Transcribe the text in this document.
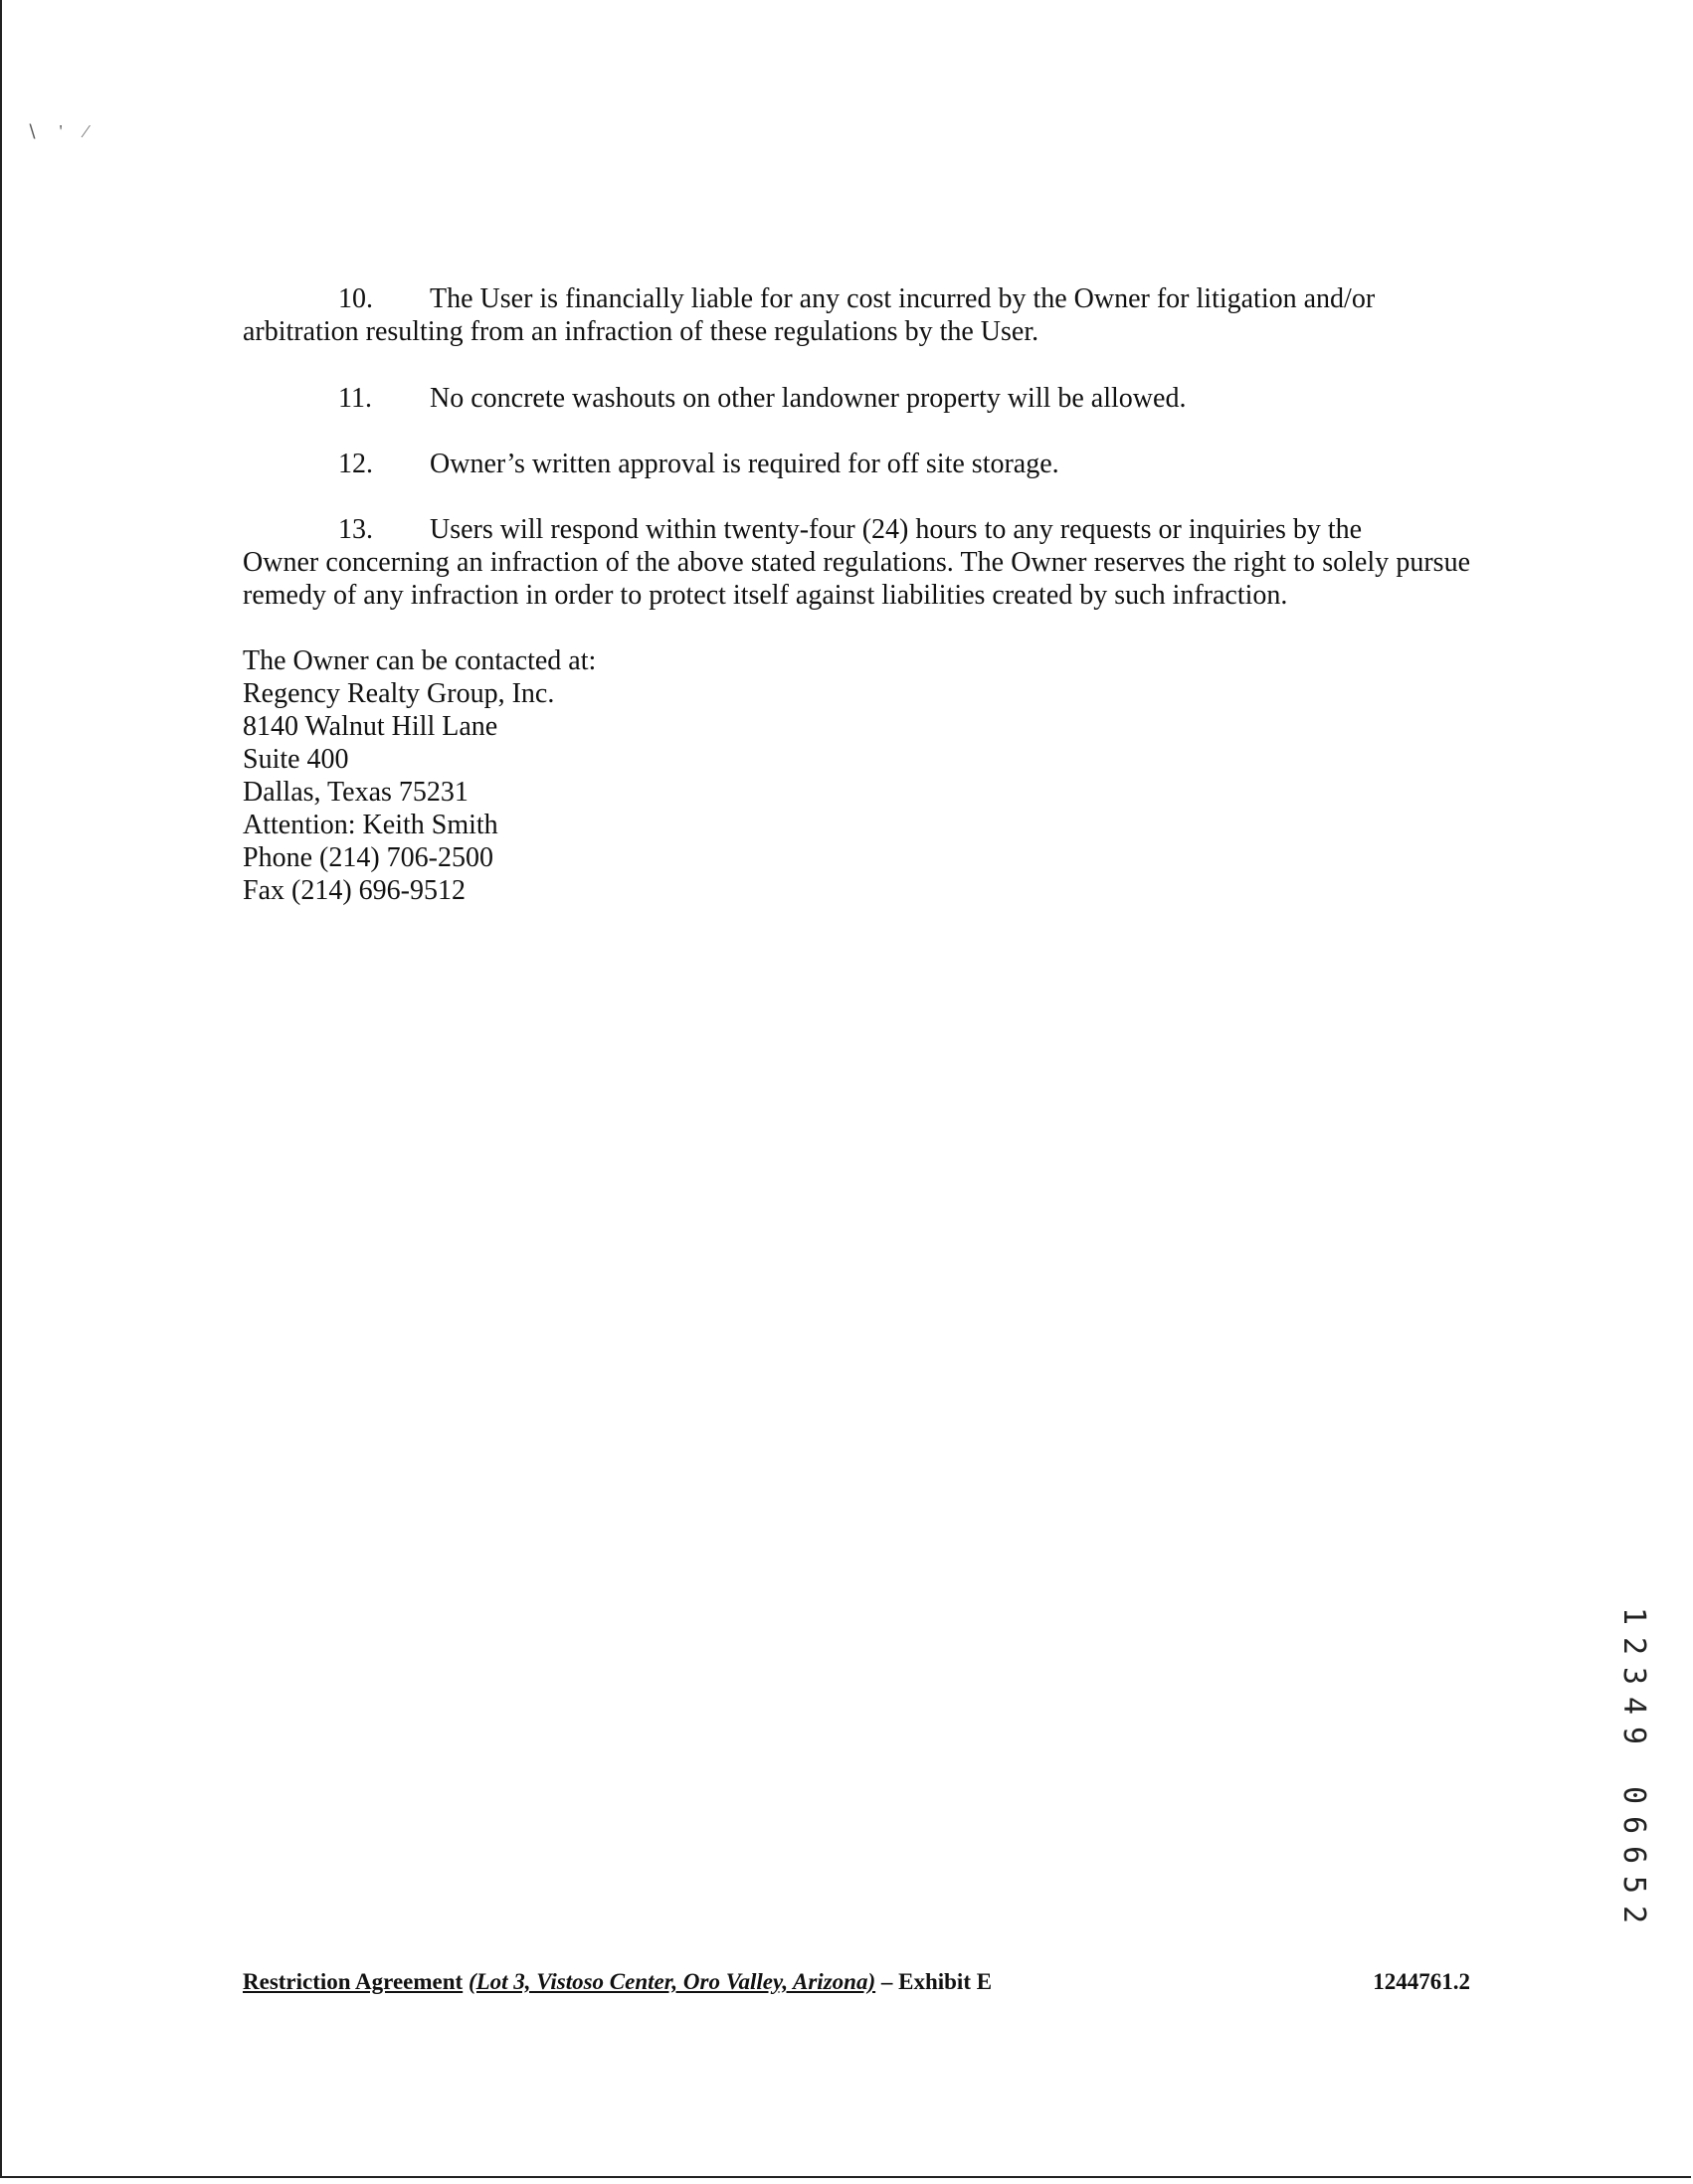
∖'⁄
10. The User is financially liable for any cost incurred by the Owner for litigation and/or
arbitration resulting from an infraction of these regulations by the User.
11. No concrete washouts on other landowner property will be allowed.
12. Owner’s written approval is required for off site storage.
13. Users will respond within twenty-four (24) hours to any requests or inquiries by the
Owner concerning an infraction of the above stated regulations. The Owner reserves the right to solely pursue remedy of any infraction in order to protect itself against liabilities created by such infraction.
The Owner can be contacted at:
Regency Realty Group, Inc.
8140 Walnut Hill Lane
Suite 400
Dallas, Texas 75231
Attention: Keith Smith
Phone (214) 706-2500
Fax (214) 696-9512
Restriction Agreement (Lot 3, Vistoso Center, Oro Valley, Arizona) – Exhibit E	1244761.2
1
2
3
4
9
0
6
6
5
2
